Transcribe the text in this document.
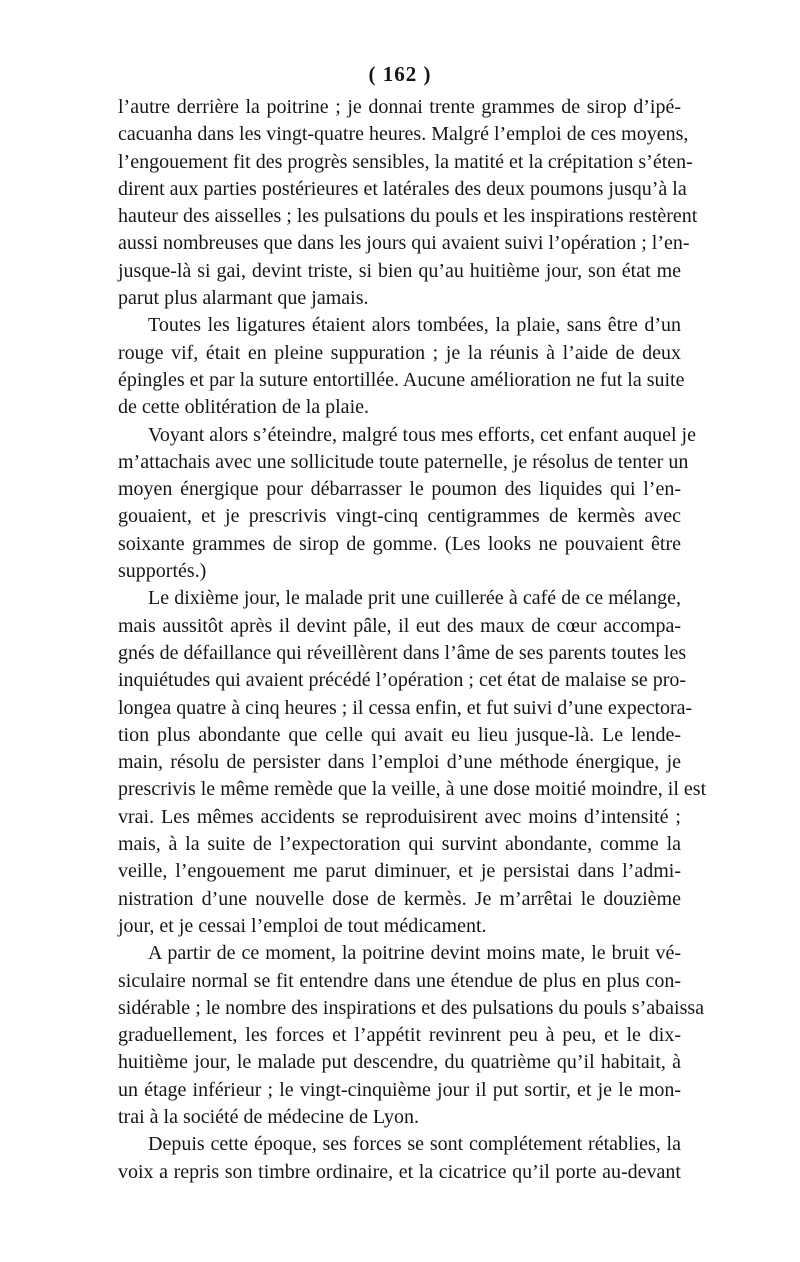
( 162 )
l’autre derrière la poitrine ; je donnai trente grammes de sirop d’ipé-
cacuanha dans les vingt-quatre heures. Malgré l’emploi de ces moyens,
l’engouement fit des progrès sensibles, la matité et la crépitation s’éten-
dirent aux parties postérieures et latérales des deux poumons jusqu’à la
hauteur des aisselles ; les pulsations du pouls et les inspirations restèrent
aussi nombreuses que dans les jours qui avaient suivi l’opération ; l’en-
jusque-là si gai, devint triste, si bien qu’au huitième jour, son état me
parut plus alarmant que jamais.
Toutes les ligatures étaient alors tombées, la plaie, sans être d’un
rouge vif, était en pleine suppuration ; je la réunis à l’aide de deux
épingles et par la suture entortillée. Aucune amélioration ne fut la suite
de cette oblitération de la plaie.
Voyant alors s’éteindre, malgré tous mes efforts, cet enfant auquel je
m’attachais avec une sollicitude toute paternelle, je résolus de tenter un
moyen énergique pour débarrasser le poumon des liquides qui l’en-
gouaient, et je prescrivis vingt-cinq centigrammes de kermès avec
soixante grammes de sirop de gomme. (Les looks ne pouvaient être
supportés.)
Le dixième jour, le malade prit une cuillerée à café de ce mélange,
mais aussitôt après il devint pâle, il eut des maux de cœur accompa-
gnés de défaillance qui réveillèrent dans l’âme de ses parents toutes les
inquiétudes qui avaient précédé l’opération ; cet état de malaise se pro-
longea quatre à cinq heures ; il cessa enfin, et fut suivi d’une expectora-
tion plus abondante que celle qui avait eu lieu jusque-là. Le lende-
main, résolu de persister dans l’emploi d’une méthode énergique, je
prescrivis le même remède que la veille, à une dose moitié moindre, il est
vrai. Les mêmes accidents se reproduisirent avec moins d’intensité ;
mais, à la suite de l’expectoration qui survint abondante, comme la
veille, l’engouement me parut diminuer, et je persistai dans l’admi-
nistration d’une nouvelle dose de kermès. Je m’arrêtai le douzième
jour, et je cessai l’emploi de tout médicament.
A partir de ce moment, la poitrine devint moins mate, le bruit vé-
siculaire normal se fit entendre dans une étendue de plus en plus con-
sidérable ; le nombre des inspirations et des pulsations du pouls s’abaissa
graduellement, les forces et l’appétit revinrent peu à peu, et le dix-
huitième jour, le malade put descendre, du quatrième qu’il habitait, à
un étage inférieur ; le vingt-cinquième jour il put sortir, et je le mon-
trai à la société de médecine de Lyon.
Depuis cette époque, ses forces se sont complétement rétablies, la
voix a repris son timbre ordinaire, et la cicatrice qu’il porte au-devant
